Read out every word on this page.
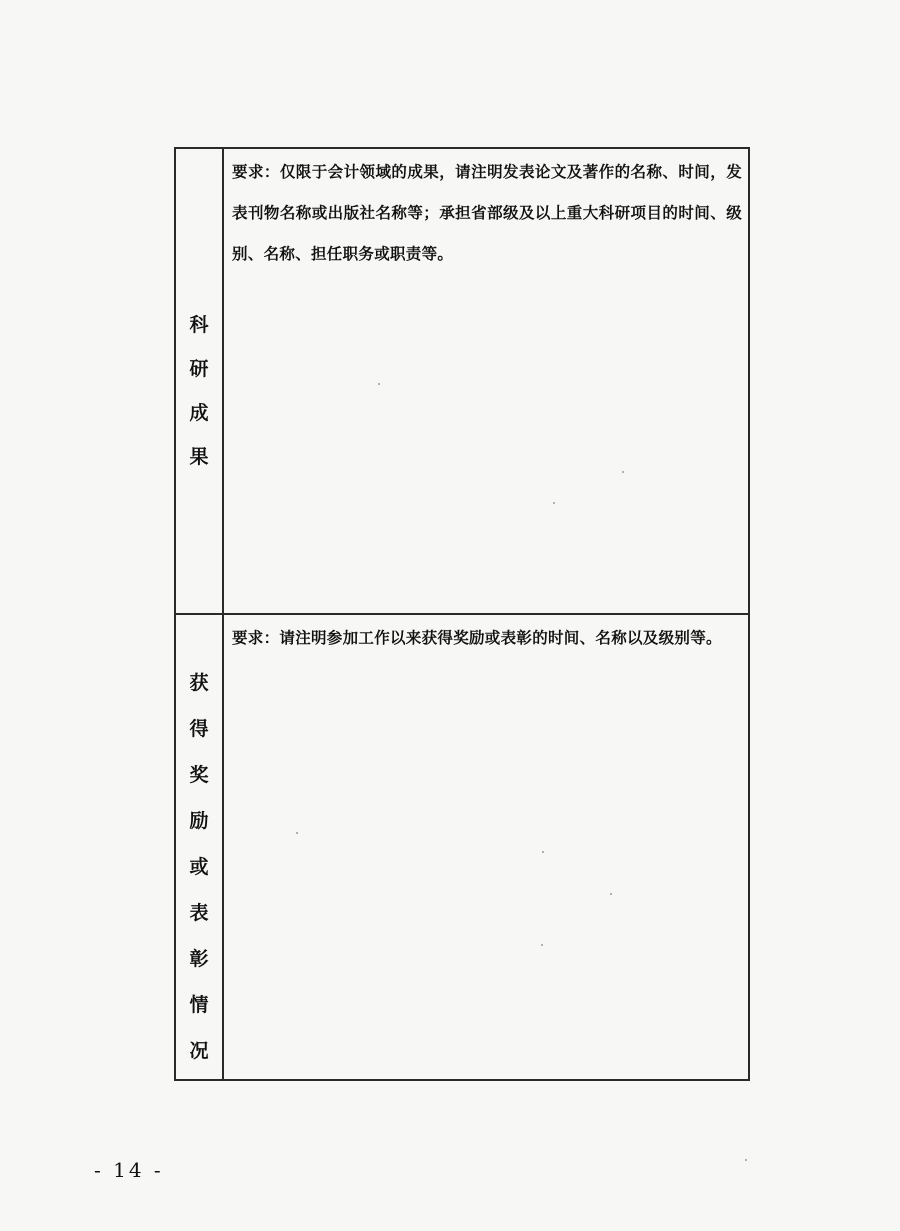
科
研
成
果

要求：仅限于会计领域的成果，请注明发表论文及著作的名称、时间，发表刊物名称或出版社名称等；承担省部级及以上重大科研项目的时间、级别、名称、担任职务或职责等。

获
得
奖
励
或
表
彰
情
况

要求：请注明参加工作以来获得奖励或表彰的时间、名称以及级别等。

- 14 -
